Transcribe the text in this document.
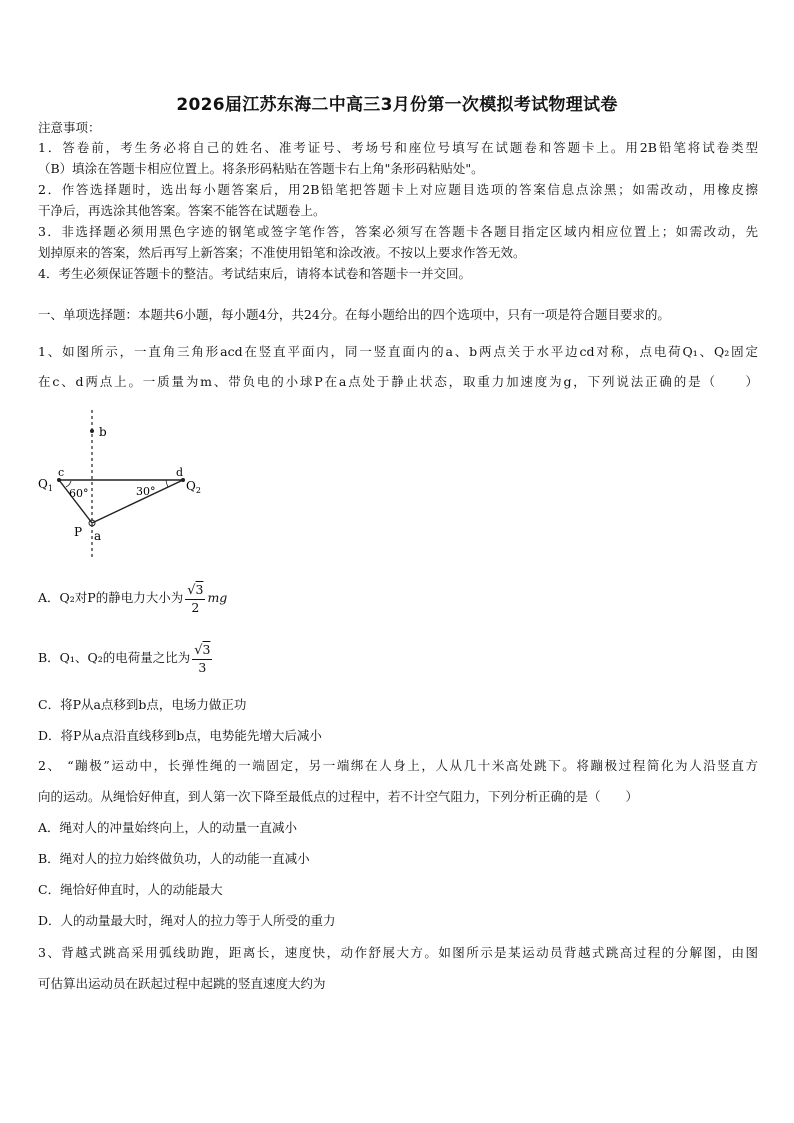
2026届江苏东海二中高三3月份第一次模拟考试物理试卷
注意事项：
1．答卷前，考生务必将自己的姓名、准考证号、考场号和座位号填写在试题卷和答题卡上。用2B铅笔将试卷类型
（B）填涂在答题卡相应位置上。将条形码粘贴在答题卡右上角"条形码粘贴处"。
2．作答选择题时，选出每小题答案后，用2B铅笔把答题卡上对应题目选项的答案信息点涂黑；如需改动，用橡皮擦
干净后，再选涂其他答案。答案不能答在试题卷上。
3．非选择题必须用黑色字迹的钢笔或签字笔作答，答案必须写在答题卡各题目指定区域内相应位置上；如需改动，先
划掉原来的答案，然后再写上新答案；不准使用铅笔和涂改液。不按以上要求作答无效。
4．考生必须保证答题卡的整洁。考试结束后，请将本试卷和答题卡一并交回。
一、单项选择题：本题共6小题，每小题4分，共24分。在每小题给出的四个选项中，只有一项是符合题目要求的。
1、如图所示，一直角三角形acd在竖直平面内，同一竖直面内的a、b两点关于水平边cd对称，点电荷Q₁、Q₂固定
在c、d两点上。一质量为m、带负电的小球P在a点处于静止状态，取重力加速度为g，下列说法正确的是（　　）
b
c	d
$Q_1$	$Q_2$
60°	30°
P a
A．Q₂对P的静电力大小为 $\frac{√3}{2}$ mg
B．Q₁、Q₂的电荷量之比为 $\frac{√3}{3}$
C．将P从a点移到b点，电场力做正功
D．将P从a点沿直线移到b点，电势能先增大后减小
2、 “蹦极”运动中，长弹性绳的一端固定，另一端绑在人身上，人从几十米高处跳下。将蹦极过程简化为人沿竖直方
向的运动。从绳恰好伸直，到人第一次下降至最低点的过程中，若不计空气阻力，下列分析正确的是（　　）
A．绳对人的冲量始终向上，人的动量一直减小
B．绳对人的拉力始终做负功，人的动能一直减小
C．绳恰好伸直时，人的动能最大
D．人的动量最大时，绳对人的拉力等于人所受的重力
3、背越式跳高采用弧线助跑，距离长，速度快，动作舒展大方。如图所示是某运动员背越式跳高过程的分解图，由图
可估算出运动员在跃起过程中起跳的竖直速度大约为
